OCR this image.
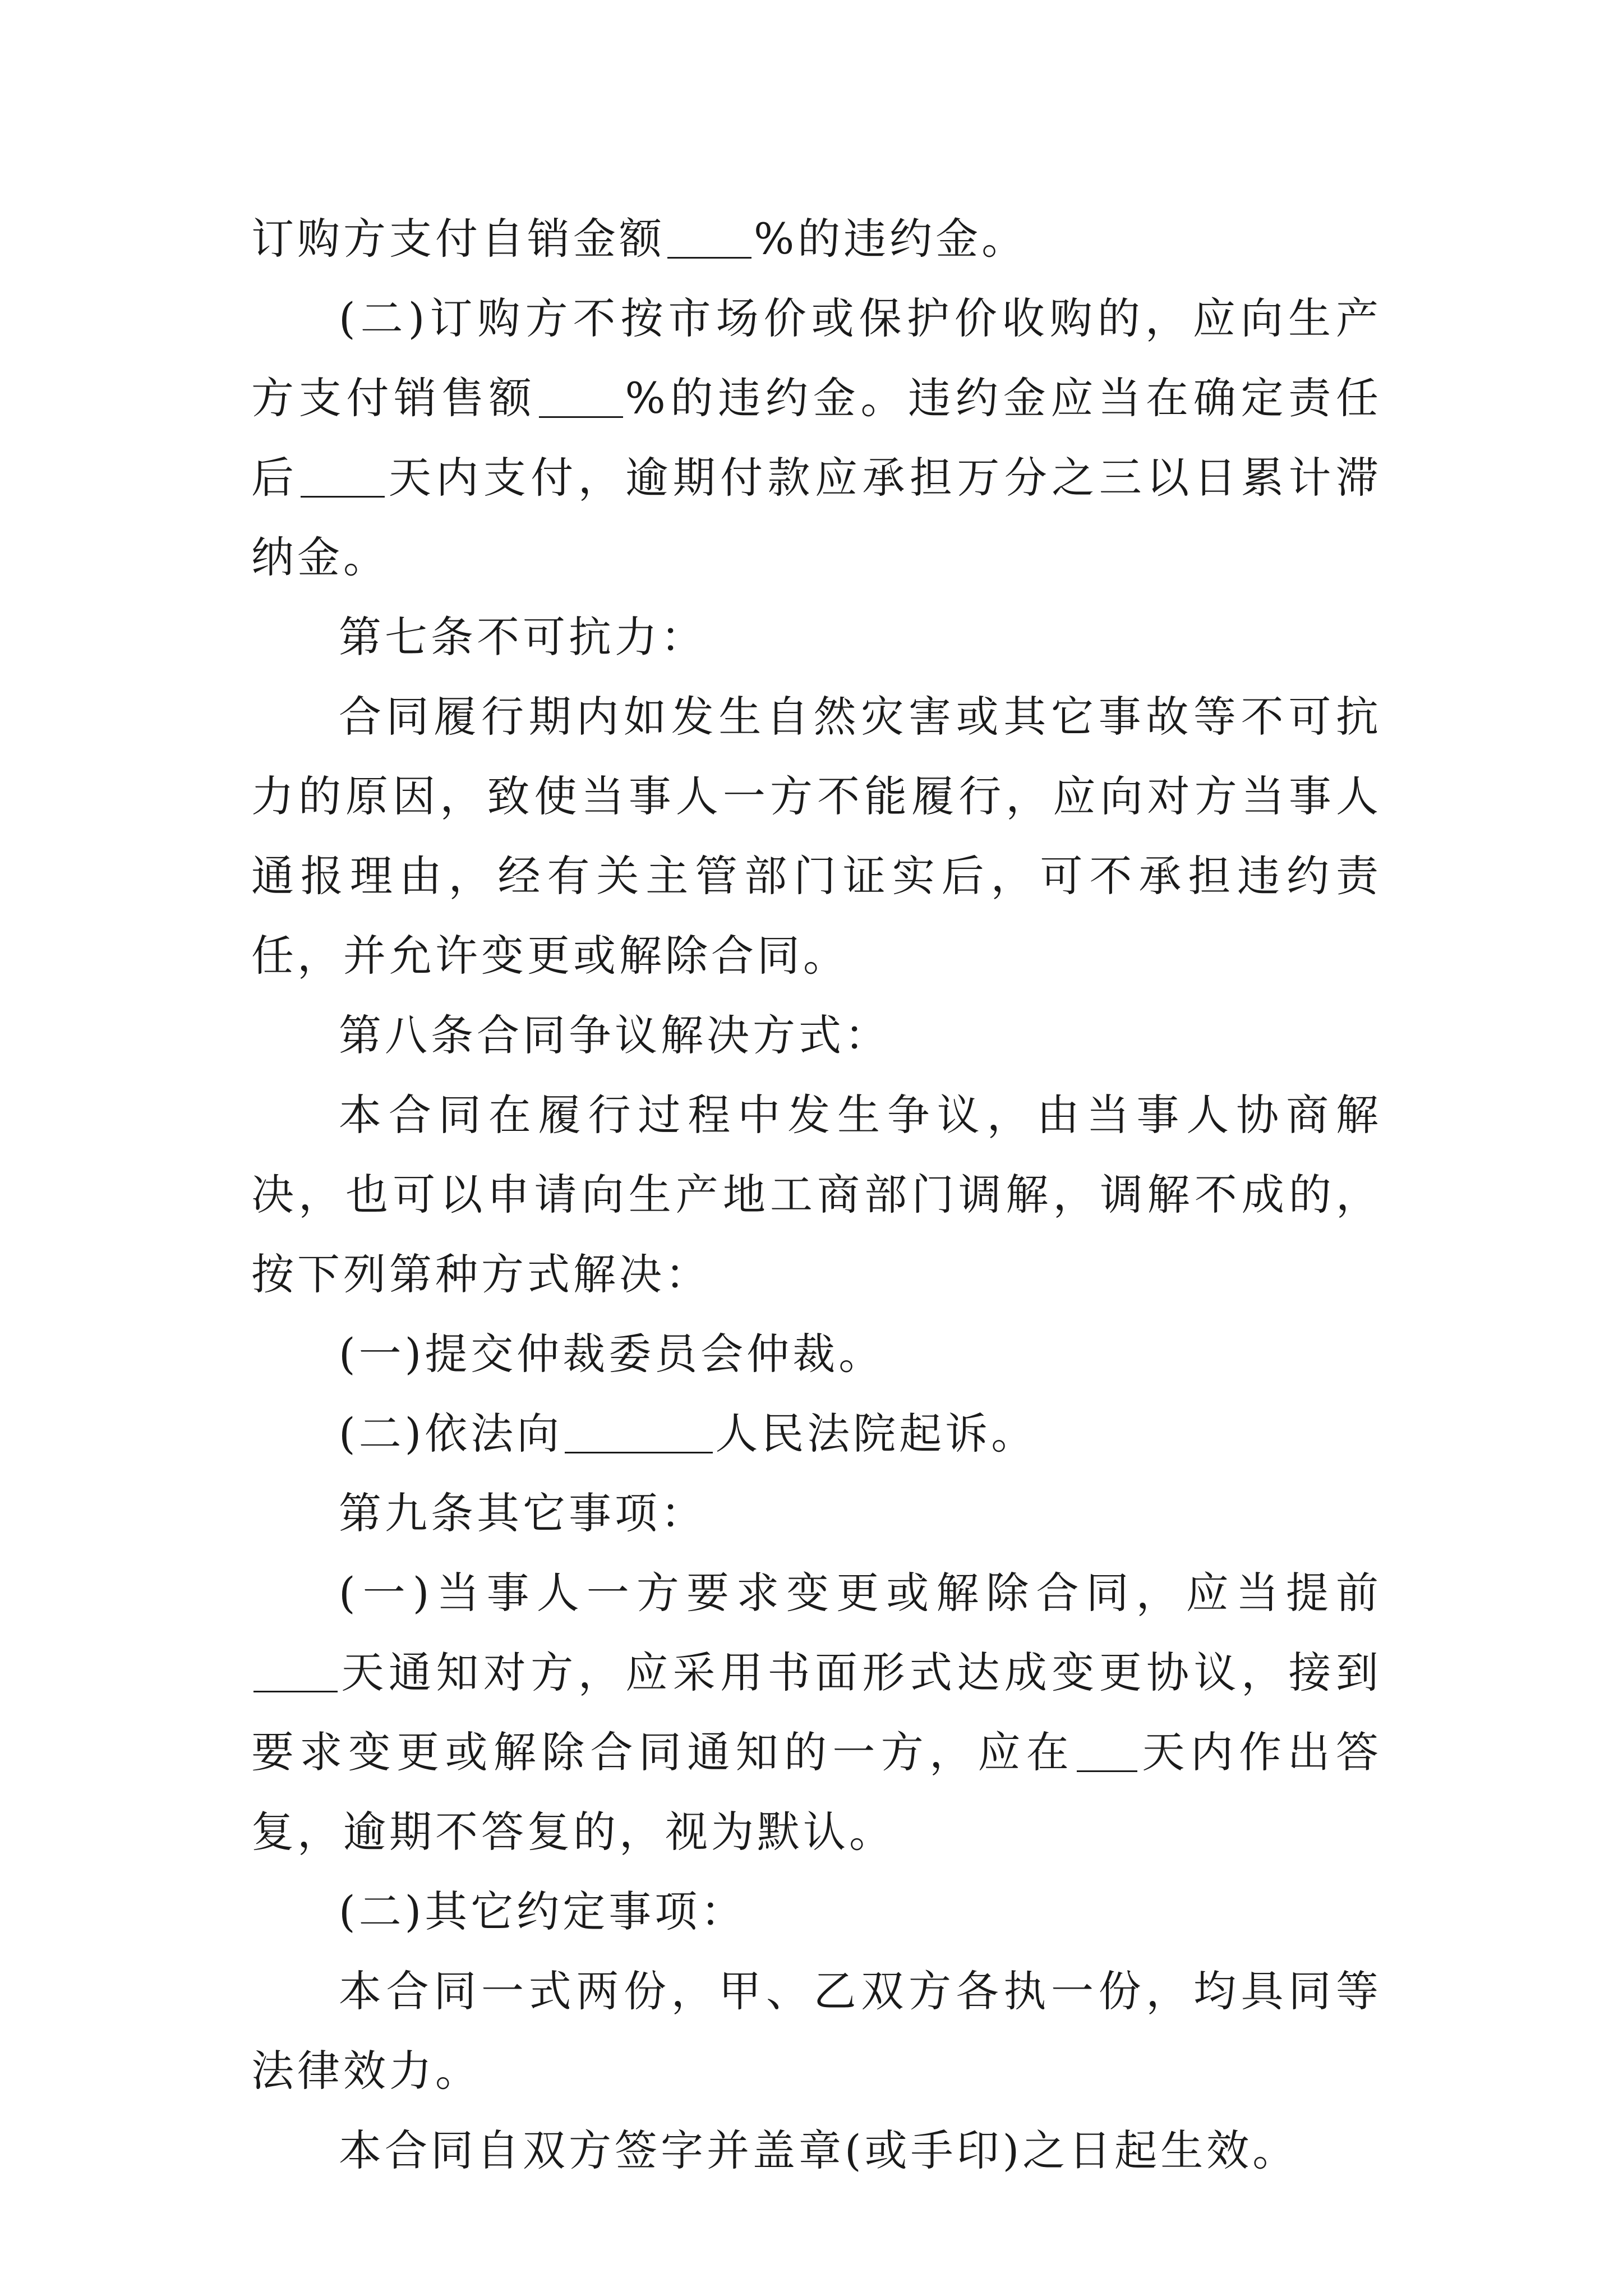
订购方支付自销金额 %的违约金。

(二)订购方不按市场价或保护价收购的，应向生产方支付销售额 %的违约金。违约金应当在确定责任后 天内支付，逾期付款应承担万分之三以日累计滞纳金。

第七条不可抗力：

合同履行期内如发生自然灾害或其它事故等不可抗力的原因，致使当事人一方不能履行，应向对方当事人通报理由，经有关主管部门证实后，可不承担违约责任，并允许变更或解除合同。

第八条合同争议解决方式：

本合同在履行过程中发生争议，由当事人协商解决，也可以申请向生产地工商部门调解，调解不成的，按下列第种方式解决：

(一)提交仲裁委员会仲裁。

(二)依法向	人民法院起诉。

第九条其它事项：

(一)当事人一方要求变更或解除合同，应当提前天通知对方，应采用书面形式达成变更协议，接到要求变更或解除合同通知的一方，应在 天内作出答复，逾期不答复的，视为默认。

(二)其它约定事项：

本合同一式两份，甲、乙双方各执一份，均具同等法律效力。

本合同自双方签字并盖章(或手印)之日起生效。
